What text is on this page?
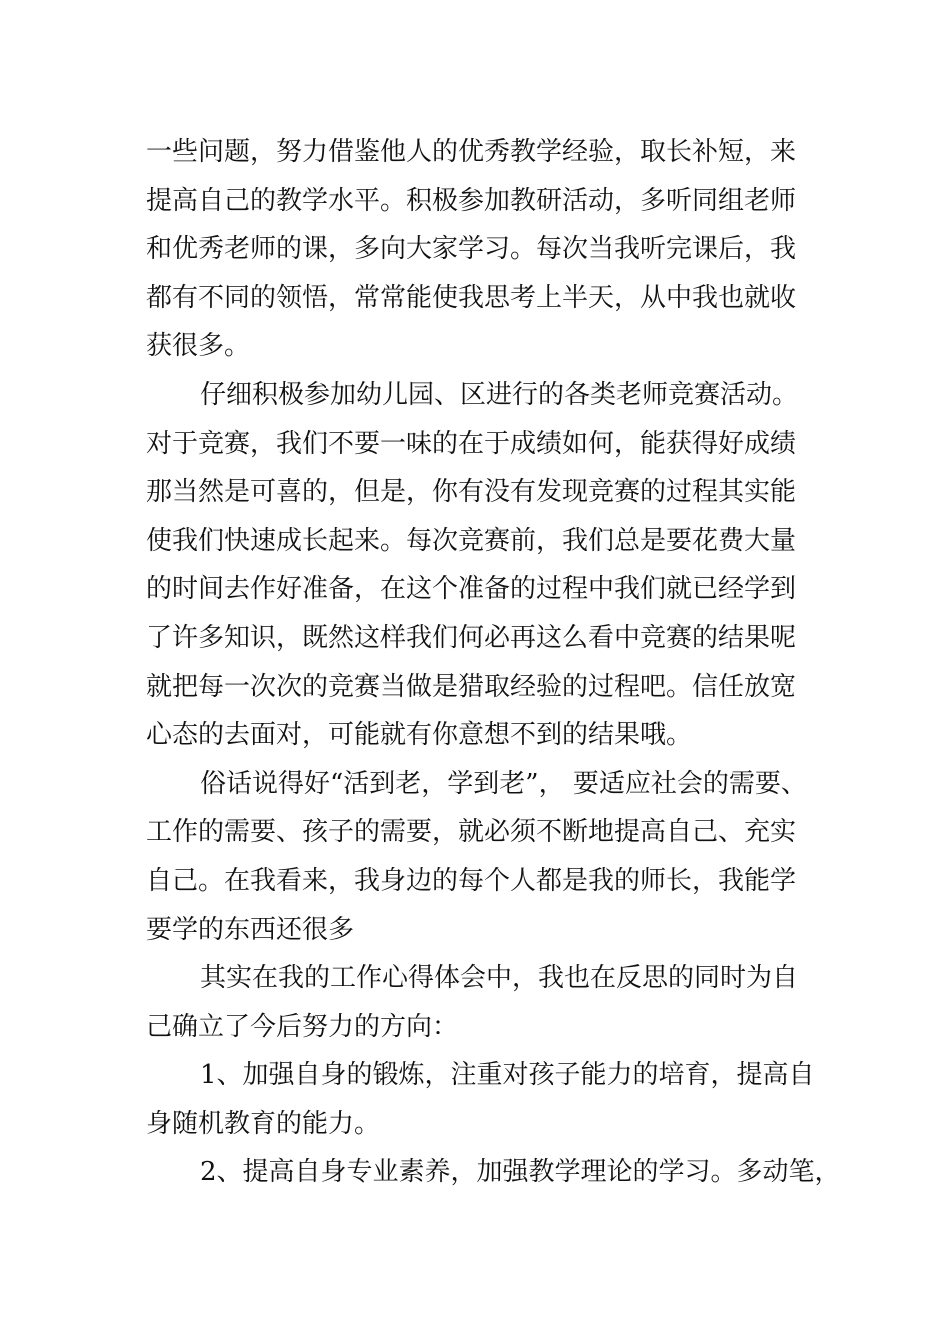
一些问题，努力借鉴他人的优秀教学经验，取长补短，来
提高自己的教学水平。积极参加教研活动，多听同组老师
和优秀老师的课，多向大家学习。每次当我听完课后，我
都有不同的领悟，常常能使我思考上半天，从中我也就收
获很多。
仔细积极参加幼儿园、区进行的各类老师竞赛活动。
对于竞赛，我们不要一味的在于成绩如何，能获得好成绩
那当然是可喜的，但是，你有没有发现竞赛的过程其实能
使我们快速成长起来。每次竞赛前，我们总是要花费大量
的时间去作好准备，在这个准备的过程中我们就已经学到
了许多知识，既然这样我们何必再这么看中竞赛的结果呢
就把每一次次的竞赛当做是猎取经验的过程吧。信任放宽
心态的去面对，可能就有你意想不到的结果哦。
俗话说得好“活到老，学到老”， 要适应社会的需要、
工作的需要、孩子的需要，就必须不断地提高自己、充实
自己。在我看来，我身边的每个人都是我的师长，我能学
要学的东西还很多
其实在我的工作心得体会中，我也在反思的同时为自
己确立了今后努力的方向：
1、加强自身的锻炼，注重对孩子能力的培育，提高自
身随机教育的能力。
2、提高自身专业素养，加强教学理论的学习。多动笔，
